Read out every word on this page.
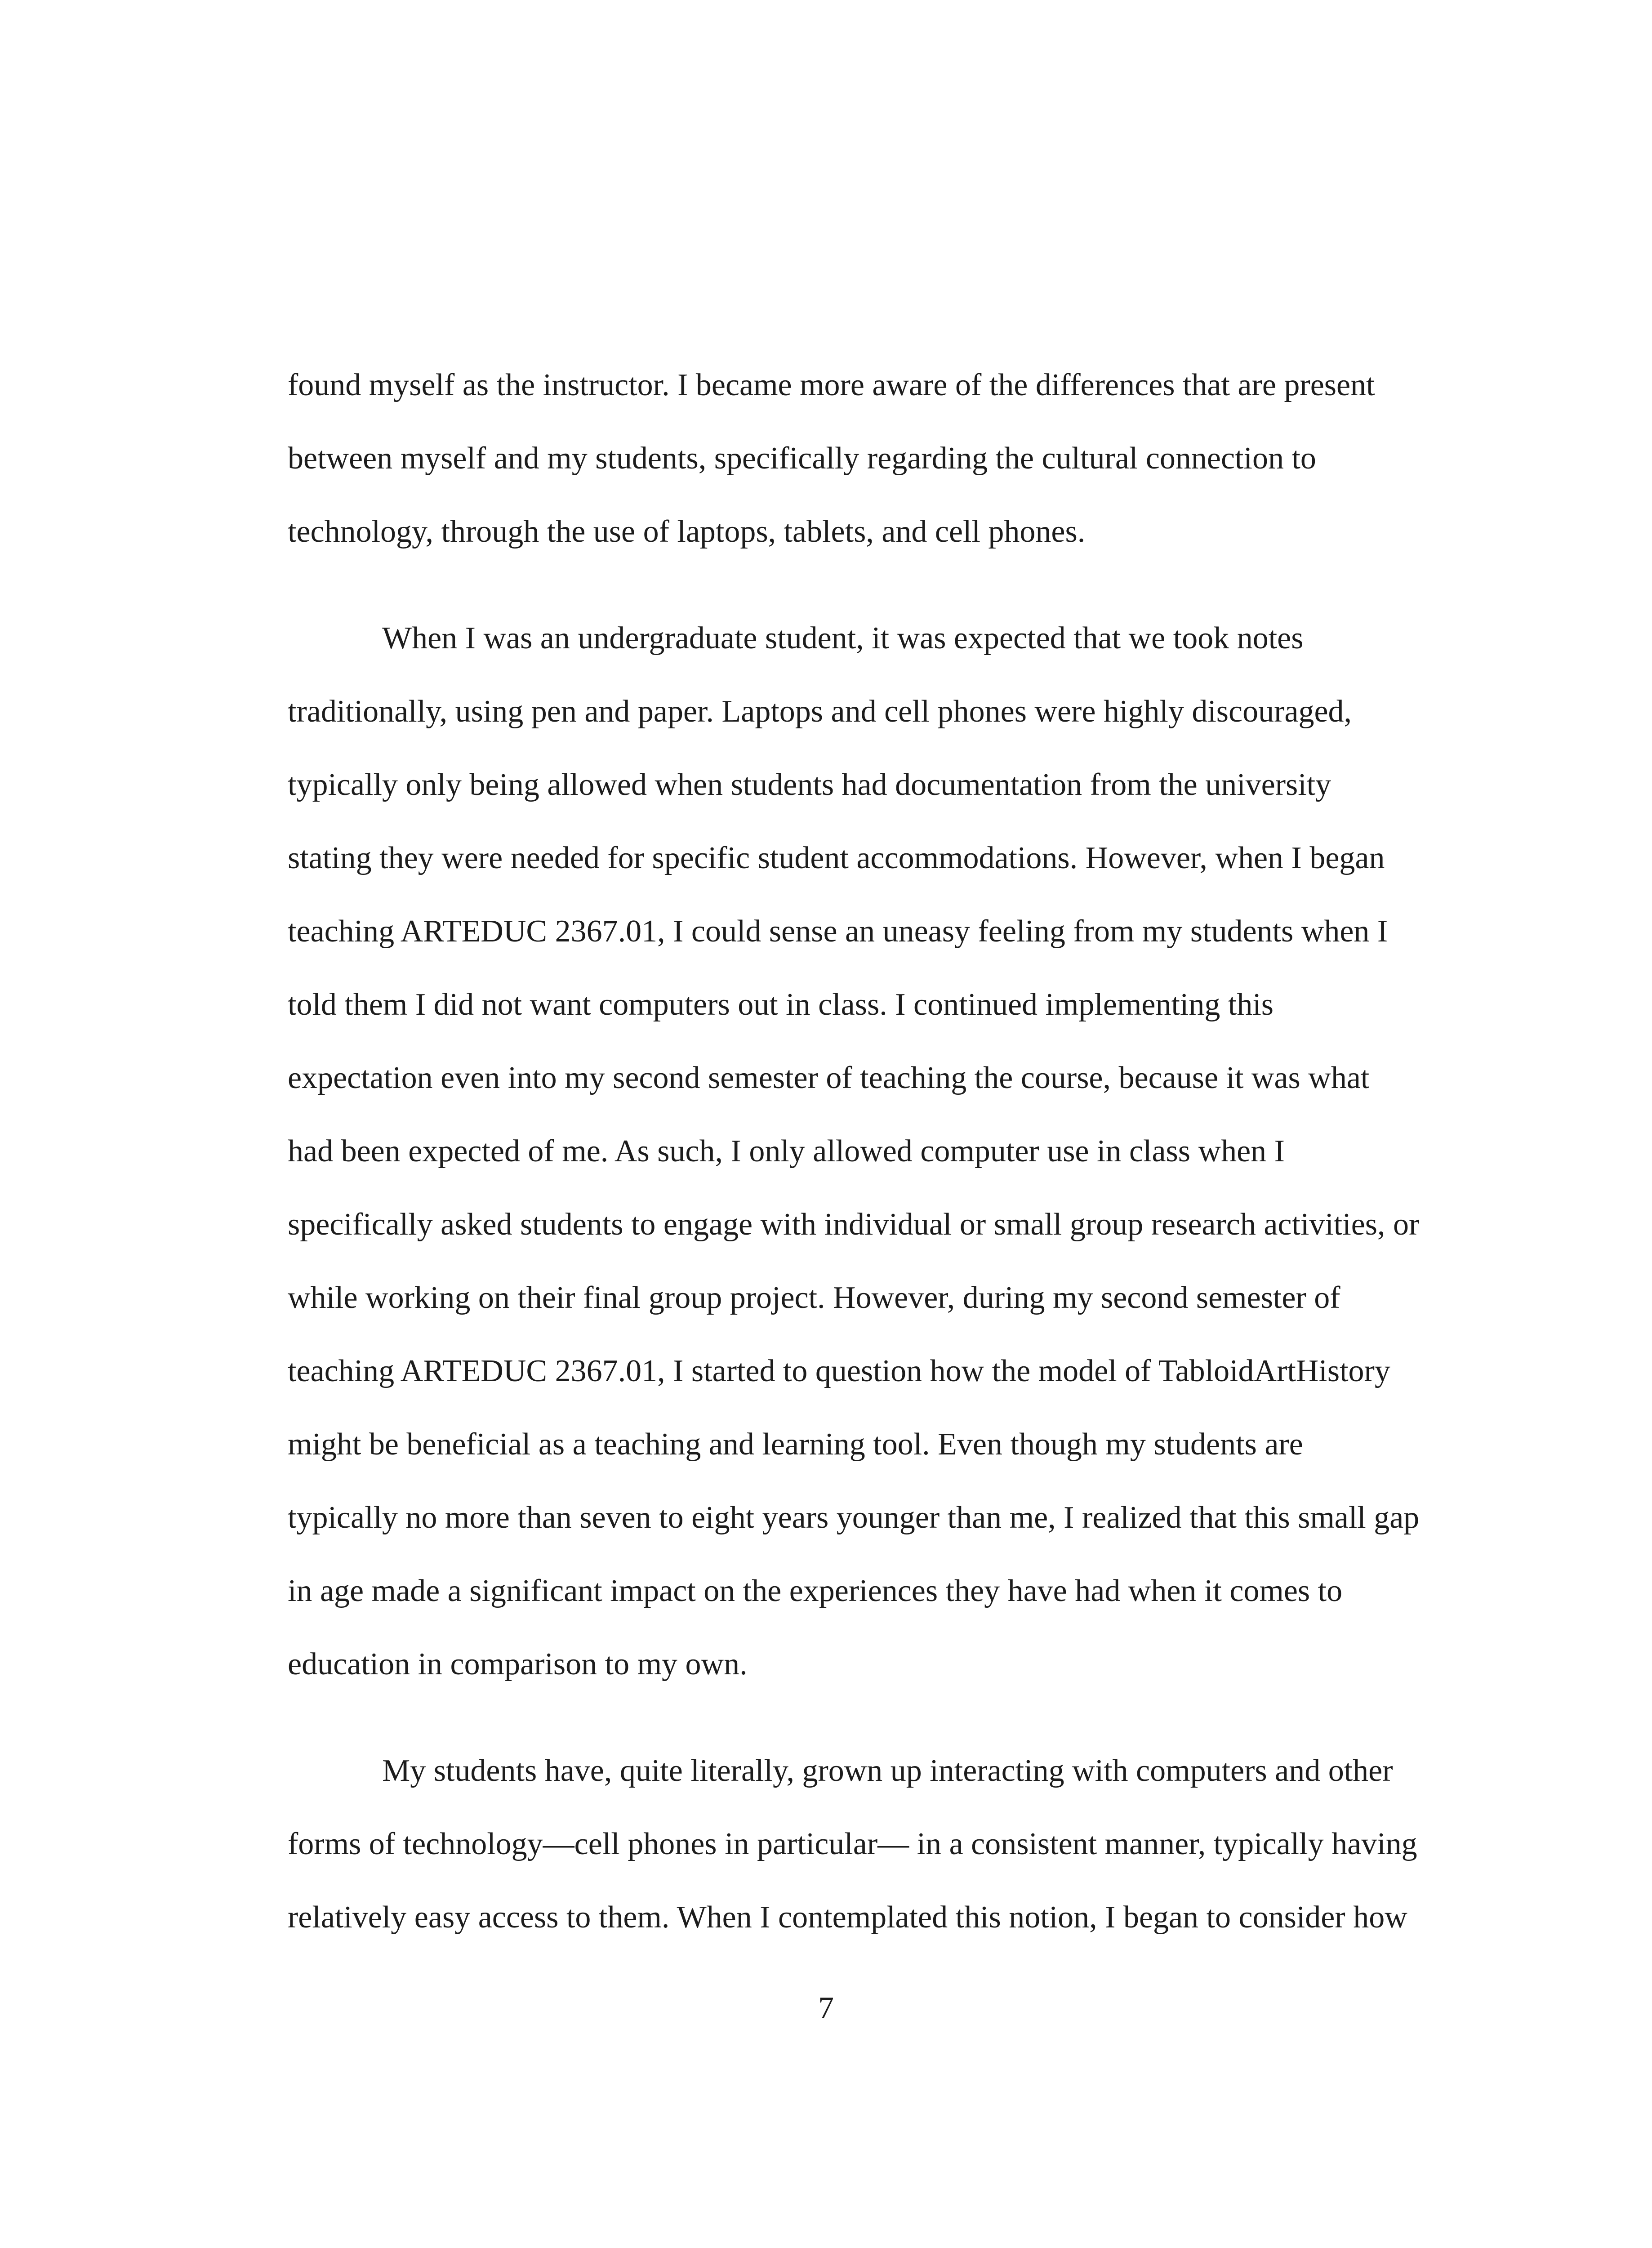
found myself as the instructor. I became more aware of the differences that are present

between myself and my students, specifically regarding the cultural connection to

technology, through the use of laptops, tablets, and cell phones.

When I was an undergraduate student, it was expected that we took notes

traditionally, using pen and paper. Laptops and cell phones were highly discouraged,

typically only being allowed when students had documentation from the university

stating they were needed for specific student accommodations. However, when I began

teaching ARTEDUC 2367.01, I could sense an uneasy feeling from my students when I

told them I did not want computers out in class. I continued implementing this

expectation even into my second semester of teaching the course, because it was what

had been expected of me. As such, I only allowed computer use in class when I

specifically asked students to engage with individual or small group research activities, or

while working on their final group project. However, during my second semester of

teaching ARTEDUC 2367.01, I started to question how the model of TabloidArtHistory

might be beneficial as a teaching and learning tool. Even though my students are

typically no more than seven to eight years younger than me, I realized that this small gap

in age made a significant impact on the experiences they have had when it comes to

education in comparison to my own.

My students have, quite literally, grown up interacting with computers and other

forms of technology—cell phones in particular— in a consistent manner, typically having

relatively easy access to them. When I contemplated this notion, I began to consider how

7
